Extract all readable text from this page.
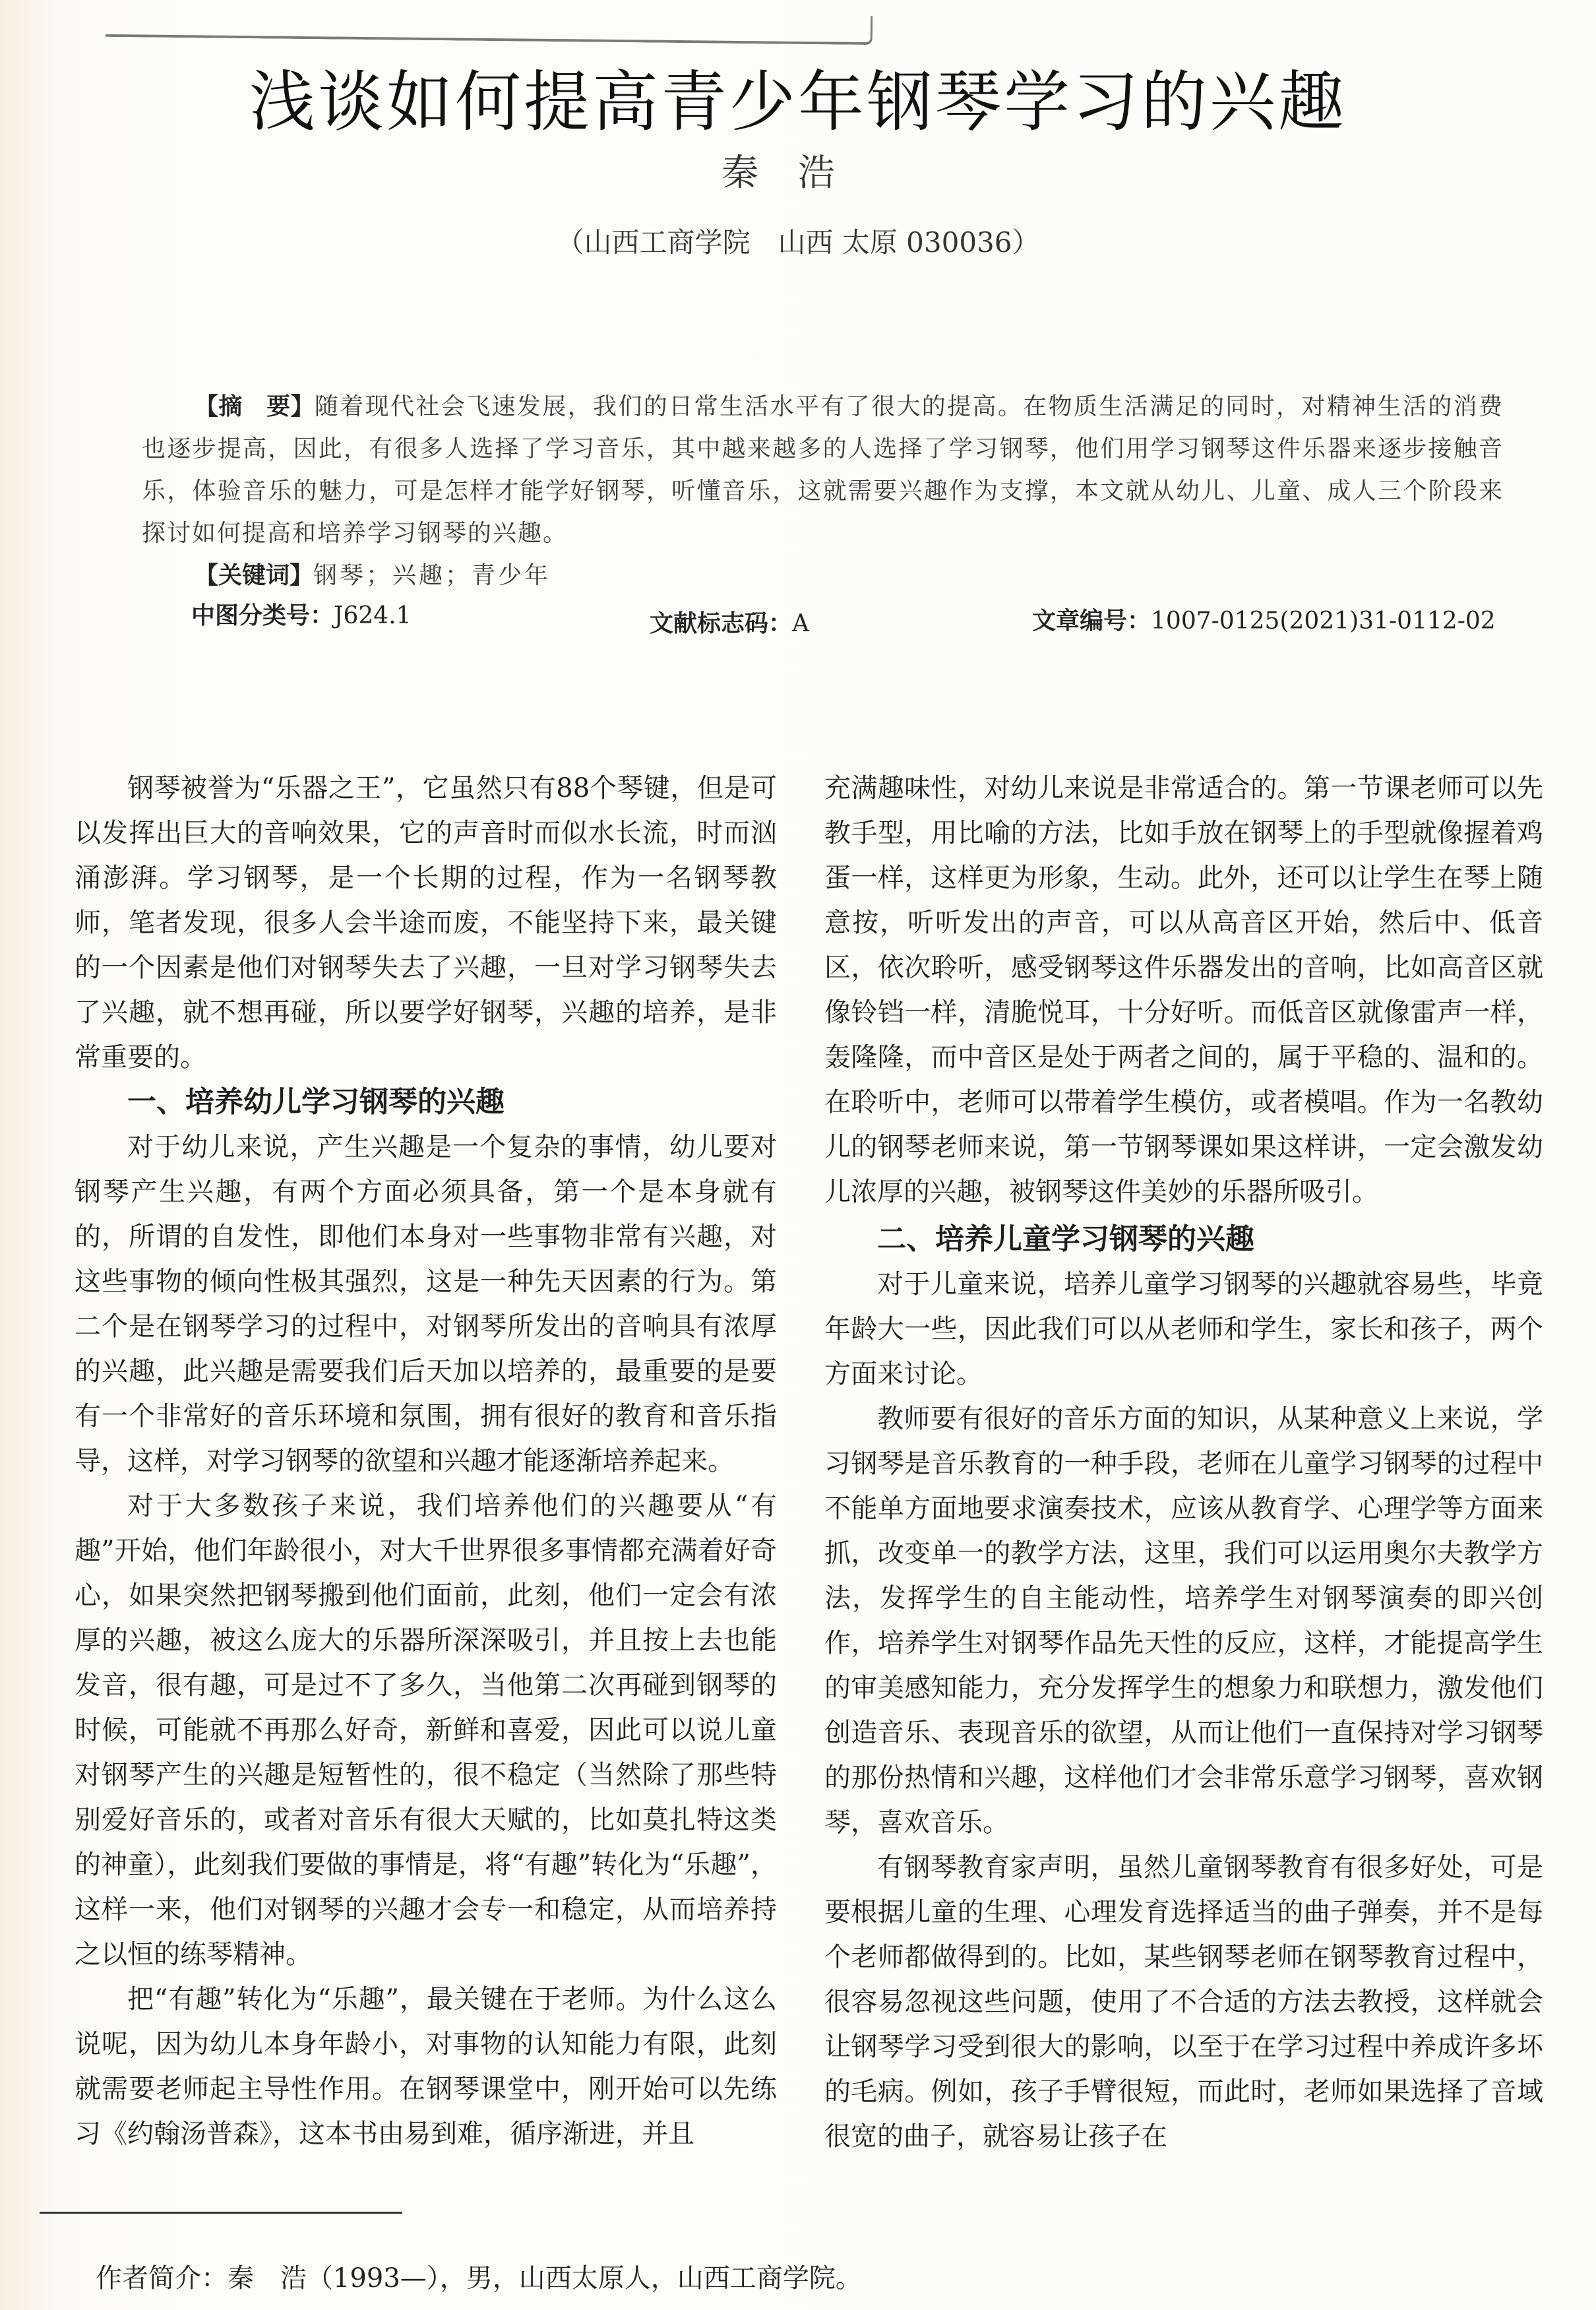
浅谈如何提高青少年钢琴学习的兴趣
秦浩
（山西工商学院　山西 太原 030036）
【摘　要】随着现代社会飞速发展，我们的日常生活水平有了很大的提高。在物质生活满足的同时，对精神生活的消费也逐步提高，因此，有很多人选择了学习音乐，其中越来越多的人选择了学习钢琴，他们用学习钢琴这件乐器来逐步接触音乐，体验音乐的魅力，可是怎样才能学好钢琴，听懂音乐，这就需要兴趣作为支撑，本文就从幼儿、儿童、成人三个阶段来探讨如何提高和培养学习钢琴的兴趣。
【关键词】钢琴；兴趣；青少年
中图分类号：J624.1	文献标志码：A	文章编号：1007-0125(2021)31-0112-02

钢琴被誉为“乐器之王”，它虽然只有88个琴键，但是可以发挥出巨大的音响效果，它的声音时而似水长流，时而汹涌澎湃。学习钢琴，是一个长期的过程，作为一名钢琴教师，笔者发现，很多人会半途而废，不能坚持下来，最关键的一个因素是他们对钢琴失去了兴趣，一旦对学习钢琴失去了兴趣，就不想再碰，所以要学好钢琴，兴趣的培养，是非常重要的。

一、培养幼儿学习钢琴的兴趣

对于幼儿来说，产生兴趣是一个复杂的事情，幼儿要对钢琴产生兴趣，有两个方面必须具备，第一个是本身就有的，所谓的自发性，即他们本身对一些事物非常有兴趣，对这些事物的倾向性极其强烈，这是一种先天因素的行为。第二个是在钢琴学习的过程中，对钢琴所发出的音响具有浓厚的兴趣，此兴趣是需要我们后天加以培养的，最重要的是要有一个非常好的音乐环境和氛围，拥有很好的教育和音乐指导，这样，对学习钢琴的欲望和兴趣才能逐渐培养起来。

对于大多数孩子来说，我们培养他们的兴趣要从“有趣”开始，他们年龄很小，对大千世界很多事情都充满着好奇心，如果突然把钢琴搬到他们面前，此刻，他们一定会有浓厚的兴趣，被这么庞大的乐器所深深吸引，并且按上去也能发音，很有趣，可是过不了多久，当他第二次再碰到钢琴的时候，可能就不再那么好奇，新鲜和喜爱，因此可以说儿童对钢琴产生的兴趣是短暂性的，很不稳定（当然除了那些特别爱好音乐的，或者对音乐有很大天赋的，比如莫扎特这类的神童），此刻我们要做的事情是，将“有趣”转化为“乐趣”，这样一来，他们对钢琴的兴趣才会专一和稳定，从而培养持之以恒的练琴精神。

把“有趣”转化为“乐趣”，最关键在于老师。为什么这么说呢，因为幼儿本身年龄小，对事物的认知能力有限，此刻就需要老师起主导性作用。在钢琴课堂中，刚开始可以先练习《约翰汤普森》，这本书由易到难，循序渐进，并且

充满趣味性，对幼儿来说是非常适合的。第一节课老师可以先教手型，用比喻的方法，比如手放在钢琴上的手型就像握着鸡蛋一样，这样更为形象，生动。此外，还可以让学生在琴上随意按，听听发出的声音，可以从高音区开始，然后中、低音区，依次聆听，感受钢琴这件乐器发出的音响，比如高音区就像铃铛一样，清脆悦耳，十分好听。而低音区就像雷声一样，轰隆隆，而中音区是处于两者之间的，属于平稳的、温和的。在聆听中，老师可以带着学生模仿，或者模唱。作为一名教幼儿的钢琴老师来说，第一节钢琴课如果这样讲，一定会激发幼儿浓厚的兴趣，被钢琴这件美妙的乐器所吸引。

二、培养儿童学习钢琴的兴趣

对于儿童来说，培养儿童学习钢琴的兴趣就容易些，毕竟年龄大一些，因此我们可以从老师和学生，家长和孩子，两个方面来讨论。

教师要有很好的音乐方面的知识，从某种意义上来说，学习钢琴是音乐教育的一种手段，老师在儿童学习钢琴的过程中不能单方面地要求演奏技术，应该从教育学、心理学等方面来抓，改变单一的教学方法，这里，我们可以运用奥尔夫教学方法，发挥学生的自主能动性，培养学生对钢琴演奏的即兴创作，培养学生对钢琴作品先天性的反应，这样，才能提高学生的审美感知能力，充分发挥学生的想象力和联想力，激发他们创造音乐、表现音乐的欲望，从而让他们一直保持对学习钢琴的那份热情和兴趣，这样他们才会非常乐意学习钢琴，喜欢钢琴，喜欢音乐。

有钢琴教育家声明，虽然儿童钢琴教育有很多好处，可是要根据儿童的生理、心理发育选择适当的曲子弹奏，并不是每个老师都做得到的。比如，某些钢琴老师在钢琴教育过程中，很容易忽视这些问题，使用了不合适的方法去教授，这样就会让钢琴学习受到很大的影响，以至于在学习过程中养成许多坏的毛病。例如，孩子手臂很短，而此时，老师如果选择了音域很宽的曲子，就容易让孩子在

作者简介：秦　浩（1993—），男，山西太原人，山西工商学院。
